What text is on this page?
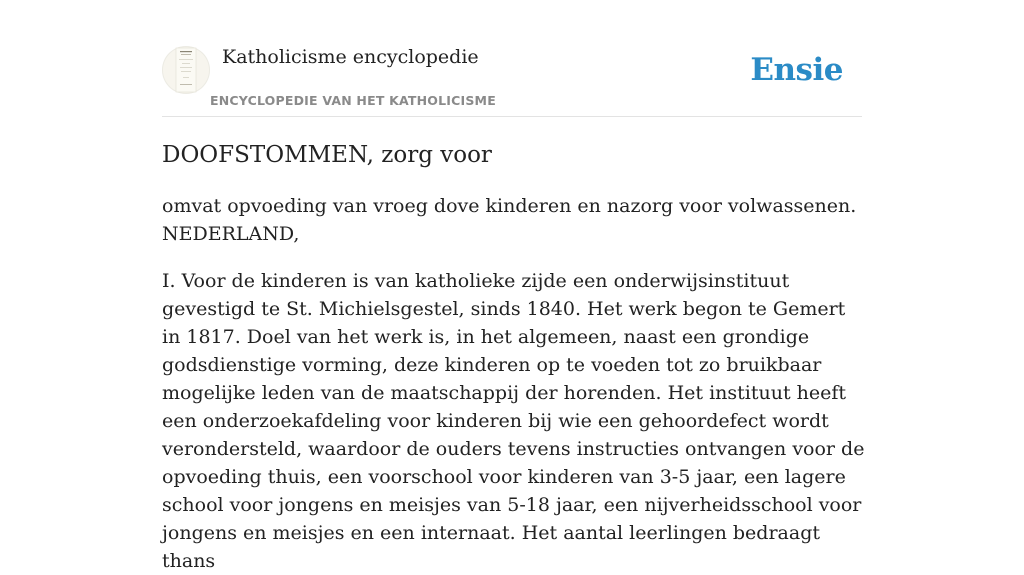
Katholicisme encyclopedie
ENCYCLOPEDIE VAN HET KATHOLICISME
Ensie
DOOFSTOMMEN, zorg voor

omvat opvoeding van vroeg dove kinderen en nazorg voor volwassenen. NEDERLAND,

I. Voor de kinderen is van katholieke zijde een onderwijsinstituut gevestigd te St. Michielsgestel, sinds 1840. Het werk begon te Gemert in 1817. Doel van het werk is, in het algemeen, naast een grondige godsdienstige vorming, deze kinderen op te voeden tot zo bruikbaar mogelijke leden van de maatschappij der horenden. Het instituut heeft een onderzoekafdeling voor kinderen bij wie een gehoordefect wordt verondersteld, waardoor de ouders tevens instructies ontvangen voor de opvoeding thuis, een voorschool voor kinderen van 3-5 jaar, een lagere school voor jongens en meisjes van 5-18 jaar, een nijverheidsschool voor jongens en meisjes en een internaat. Het aantal leerlingen bedraagt thans
